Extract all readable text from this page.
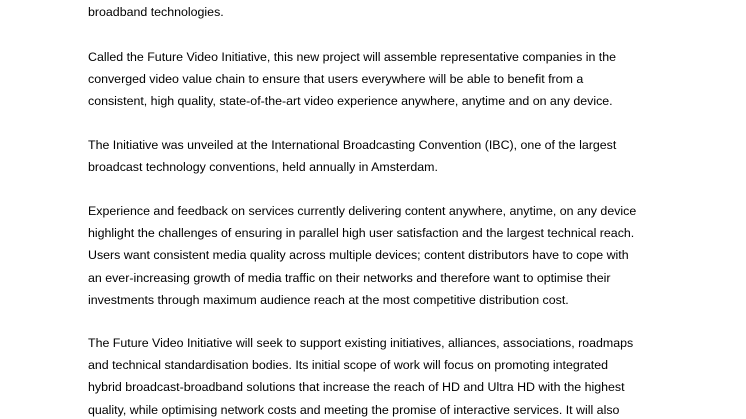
broadband technologies.

Called the Future Video Initiative, this new project will assemble representative companies in the
converged video value chain to ensure that users everywhere will be able to benefit from a
consistent, high quality, state-of-the-art video experience anywhere, anytime and on any device.

The Initiative was unveiled at the International Broadcasting Convention (IBC), one of the largest
broadcast technology conventions, held annually in Amsterdam.

Experience and feedback on services currently delivering content anywhere, anytime, on any device
highlight the challenges of ensuring in parallel high user satisfaction and the largest technical reach.
Users want consistent media quality across multiple devices; content distributors have to cope with
an ever-increasing growth of media traffic on their networks and therefore want to optimise their
investments through maximum audience reach at the most competitive distribution cost.

The Future Video Initiative will seek to support existing initiatives, alliances, associations, roadmaps
and technical standardisation bodies. Its initial scope of work will focus on promoting integrated
hybrid broadcast-broadband solutions that increase the reach of HD and Ultra HD with the highest
quality, while optimising network costs and meeting the promise of interactive services. It will also
